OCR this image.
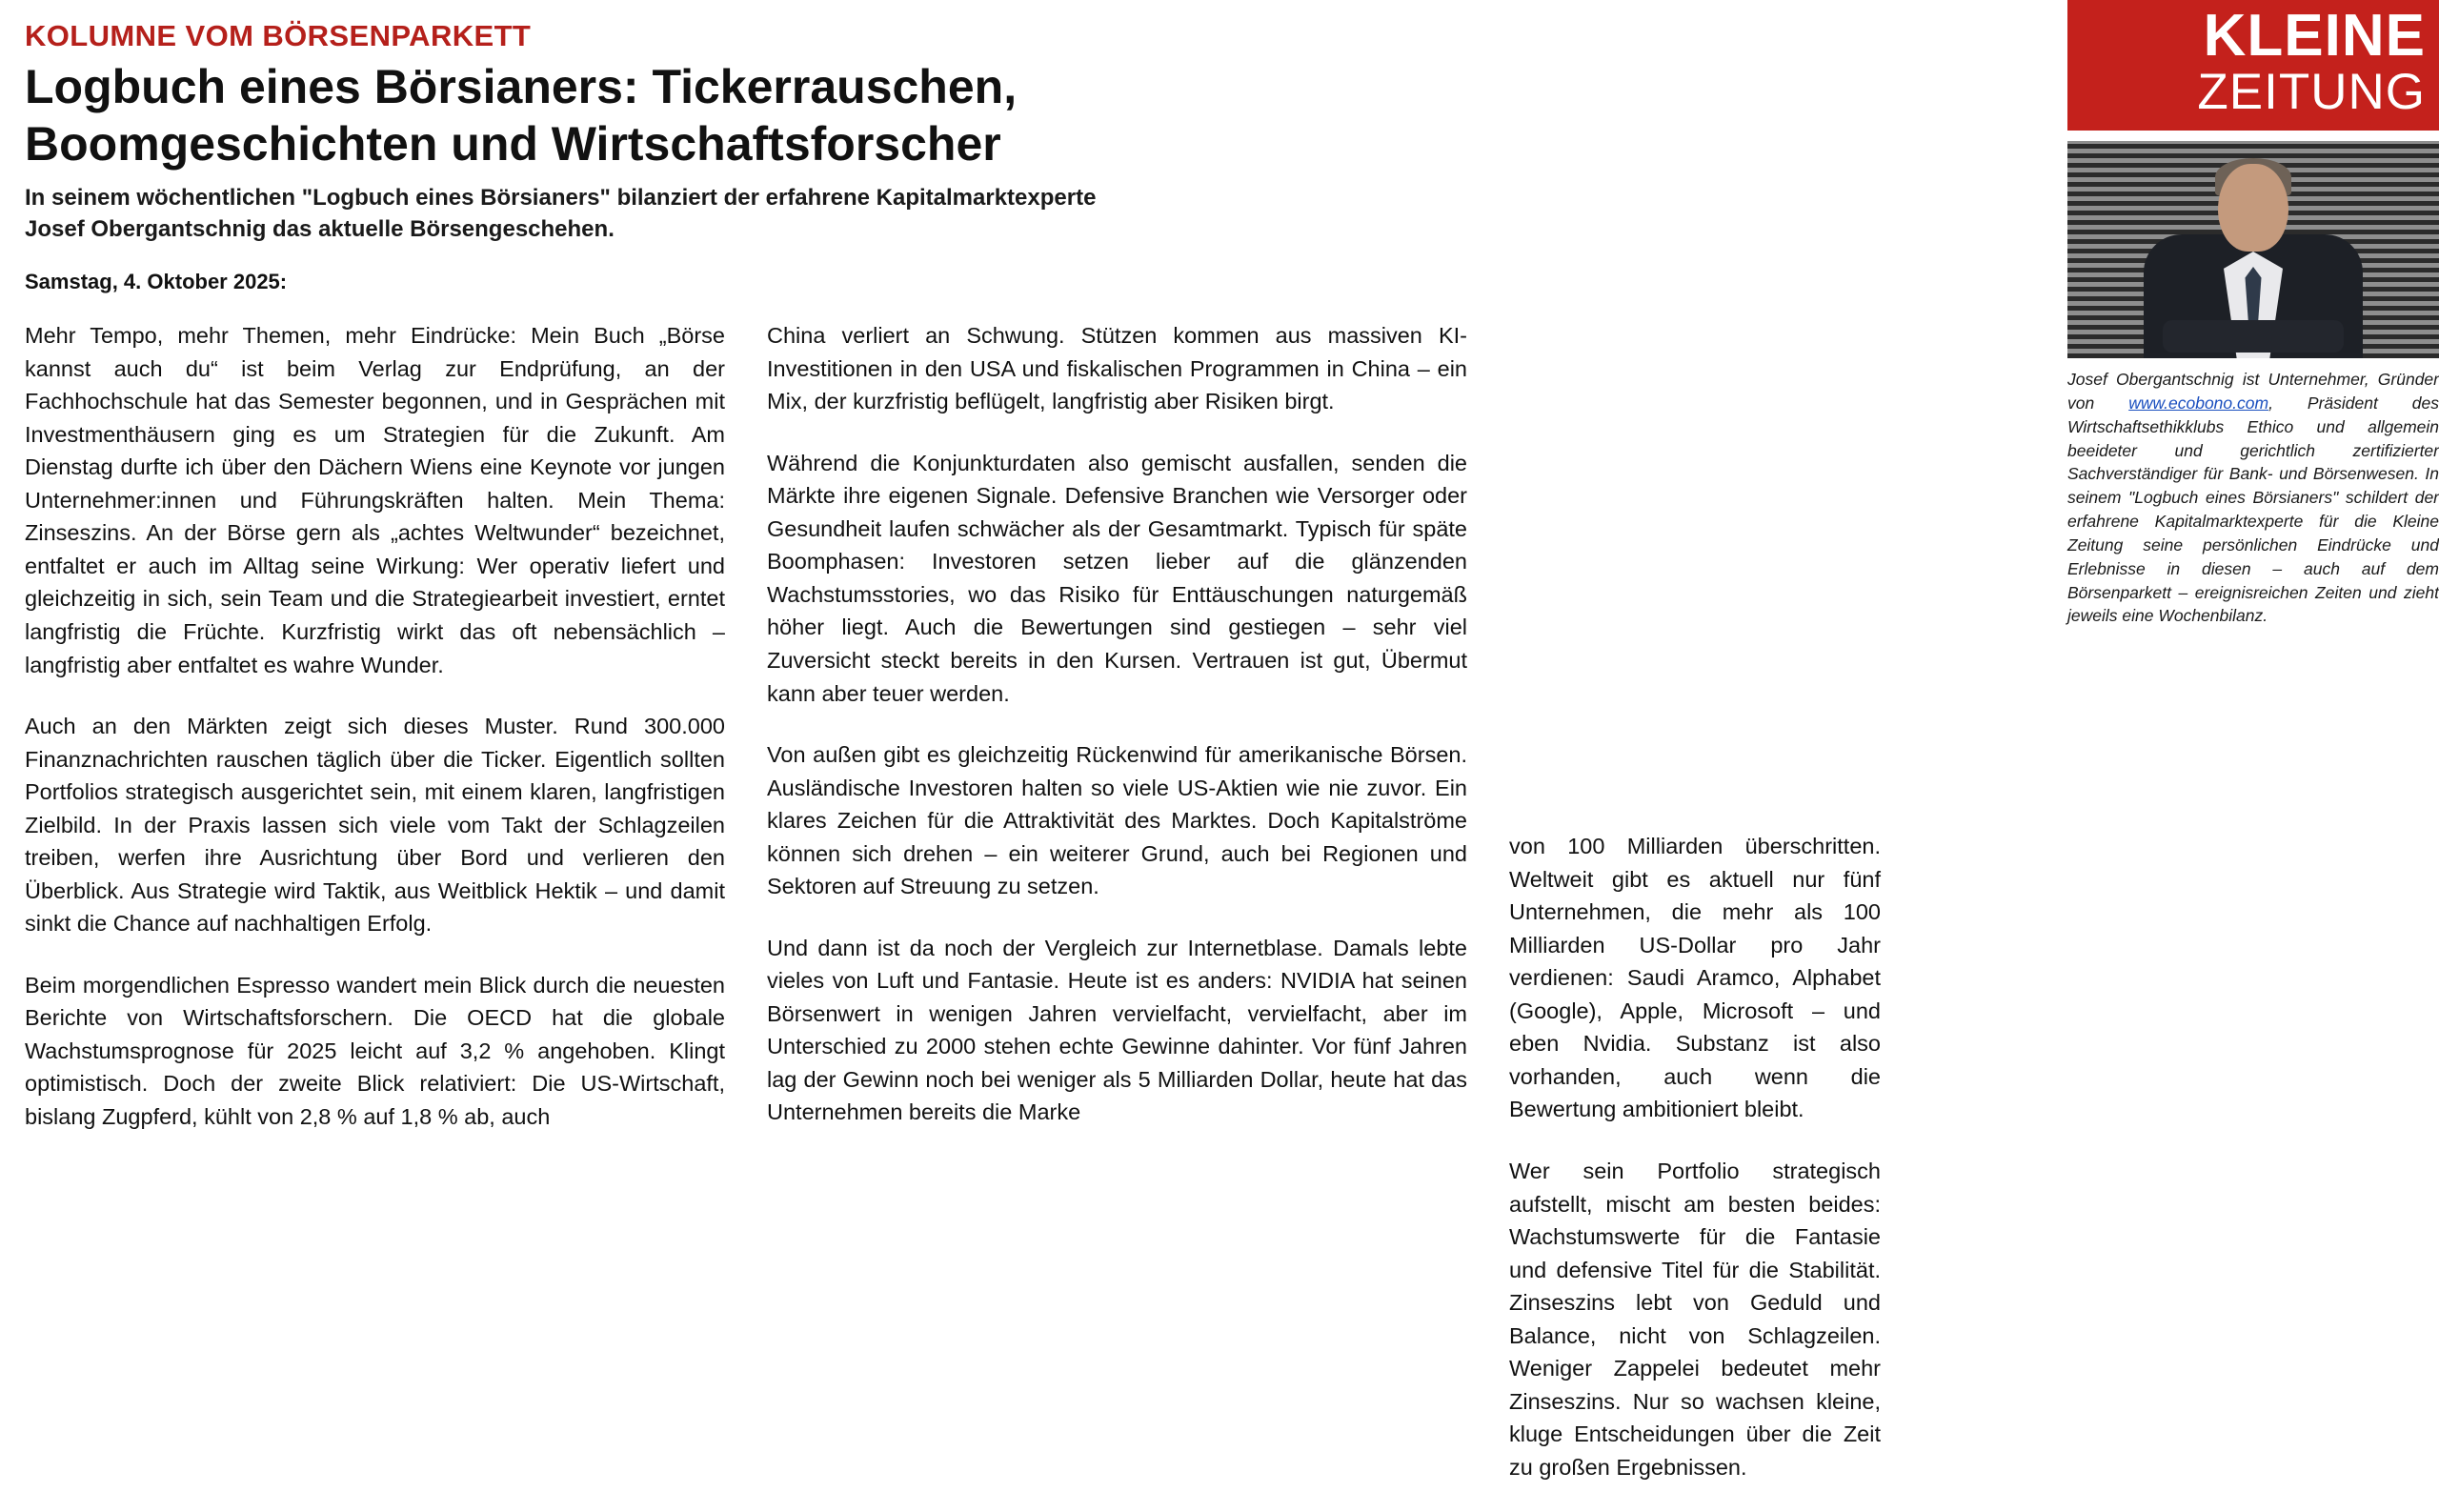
KOLUMNE VOM BÖRSENPARKETT
Logbuch eines Börsianers: Tickerrauschen, Boomgeschichten und Wirtschaftsforscher
In seinem wöchentlichen "Logbuch eines Börsianers" bilanziert der erfahrene Kapitalmarktexperte Josef Obergantschnig das aktuelle Börsengeschehen.
Samstag, 4. Oktober 2025:
KLEINE
ZEITUNG
Josef Obergantschnig ist Unternehmer, Gründer von www.ecobono.com, Präsident des Wirtschaftsethikklubs Ethico und allgemein beeideter und gerichtlich zertifizierter Sachverständiger für Bank- und Börsenwesen. In seinem "Logbuch eines Börsianers" schildert der erfahrene Kapitalmarktexperte für die Kleine Zeitung seine persönlichen Eindrücke und Erlebnisse in diesen – auch auf dem Börsenparkett – ereignisreichen Zeiten und zieht jeweils eine Wochenbilanz.

Mehr Tempo, mehr Themen, mehr Eindrücke: Mein Buch „Börse kannst auch du“ ist beim Verlag zur Endprüfung, an der Fachhochschule hat das Semester begonnen, und in Gesprächen mit Investmenthäusern ging es um Strategien für die Zukunft. Am Dienstag durfte ich über den Dächern Wiens eine Keynote vor jungen Unternehmer:innen und Führungskräften halten. Mein Thema: Zinseszins. An der Börse gern als „achtes Weltwunder“ bezeichnet, entfaltet er auch im Alltag seine Wirkung: Wer operativ liefert und gleichzeitig in sich, sein Team und die Strategiearbeit investiert, erntet langfristig die Früchte. Kurzfristig wirkt das oft nebensächlich – langfristig aber entfaltet es wahre Wunder.

Auch an den Märkten zeigt sich dieses Muster. Rund 300.000 Finanznachrichten rauschen täglich über die Ticker. Eigentlich sollten Portfolios strategisch ausgerichtet sein, mit einem klaren, langfristigen Zielbild. In der Praxis lassen sich viele vom Takt der Schlagzeilen treiben, werfen ihre Ausrichtung über Bord und verlieren den Überblick. Aus Strategie wird Taktik, aus Weitblick Hektik – und damit sinkt die Chance auf nachhaltigen Erfolg.

Beim morgendlichen Espresso wandert mein Blick durch die neuesten Berichte von Wirtschaftsforschern. Die OECD hat die globale Wachstumsprognose für 2025 leicht auf 3,2 % angehoben. Klingt optimistisch. Doch der zweite Blick relativiert: Die US-Wirtschaft, bislang Zugpferd, kühlt von 2,8 % auf 1,8 % ab, auch

China verliert an Schwung. Stützen kommen aus massiven KI-Investitionen in den USA und fiskalischen Programmen in China – ein Mix, der kurzfristig beflügelt, langfristig aber Risiken birgt.

Während die Konjunkturdaten also gemischt ausfallen, senden die Märkte ihre eigenen Signale. Defensive Branchen wie Versorger oder Gesundheit laufen schwächer als der Gesamtmarkt. Typisch für späte Boomphasen: Investoren setzen lieber auf die glänzenden Wachstumsstories, wo das Risiko für Enttäuschungen naturgemäß höher liegt. Auch die Bewertungen sind gestiegen – sehr viel Zuversicht steckt bereits in den Kursen. Vertrauen ist gut, Übermut kann aber teuer werden.

Von außen gibt es gleichzeitig Rückenwind für amerikanische Börsen. Ausländische Investoren halten so viele US-Aktien wie nie zuvor. Ein klares Zeichen für die Attraktivität des Marktes. Doch Kapitalströme können sich drehen – ein weiterer Grund, auch bei Regionen und Sektoren auf Streuung zu setzen.

Und dann ist da noch der Vergleich zur Internetblase. Damals lebte vieles von Luft und Fantasie. Heute ist es anders: NVIDIA hat seinen Börsenwert in wenigen Jahren vervielfacht, vervielfacht, aber im Unterschied zu 2000 stehen echte Gewinne dahinter. Vor fünf Jahren lag der Gewinn noch bei weniger als 5 Milliarden Dollar, heute hat das Unternehmen bereits die Marke

von 100 Milliarden überschritten. Weltweit gibt es aktuell nur fünf Unternehmen, die mehr als 100 Milliarden US-Dollar pro Jahr verdienen: Saudi Aramco, Alphabet (Google), Apple, Microsoft – und eben Nvidia. Substanz ist also vorhanden, auch wenn die Bewertung ambitioniert bleibt.

Wer sein Portfolio strategisch aufstellt, mischt am besten beides: Wachstumswerte für die Fantasie und defensive Titel für die Stabilität. Zinseszins lebt von Geduld und Balance, nicht von Schlagzeilen. Weniger Zappelei bedeutet mehr Zinseszins. Nur so wachsen kleine, kluge Entscheidungen über die Zeit zu großen Ergebnissen.
